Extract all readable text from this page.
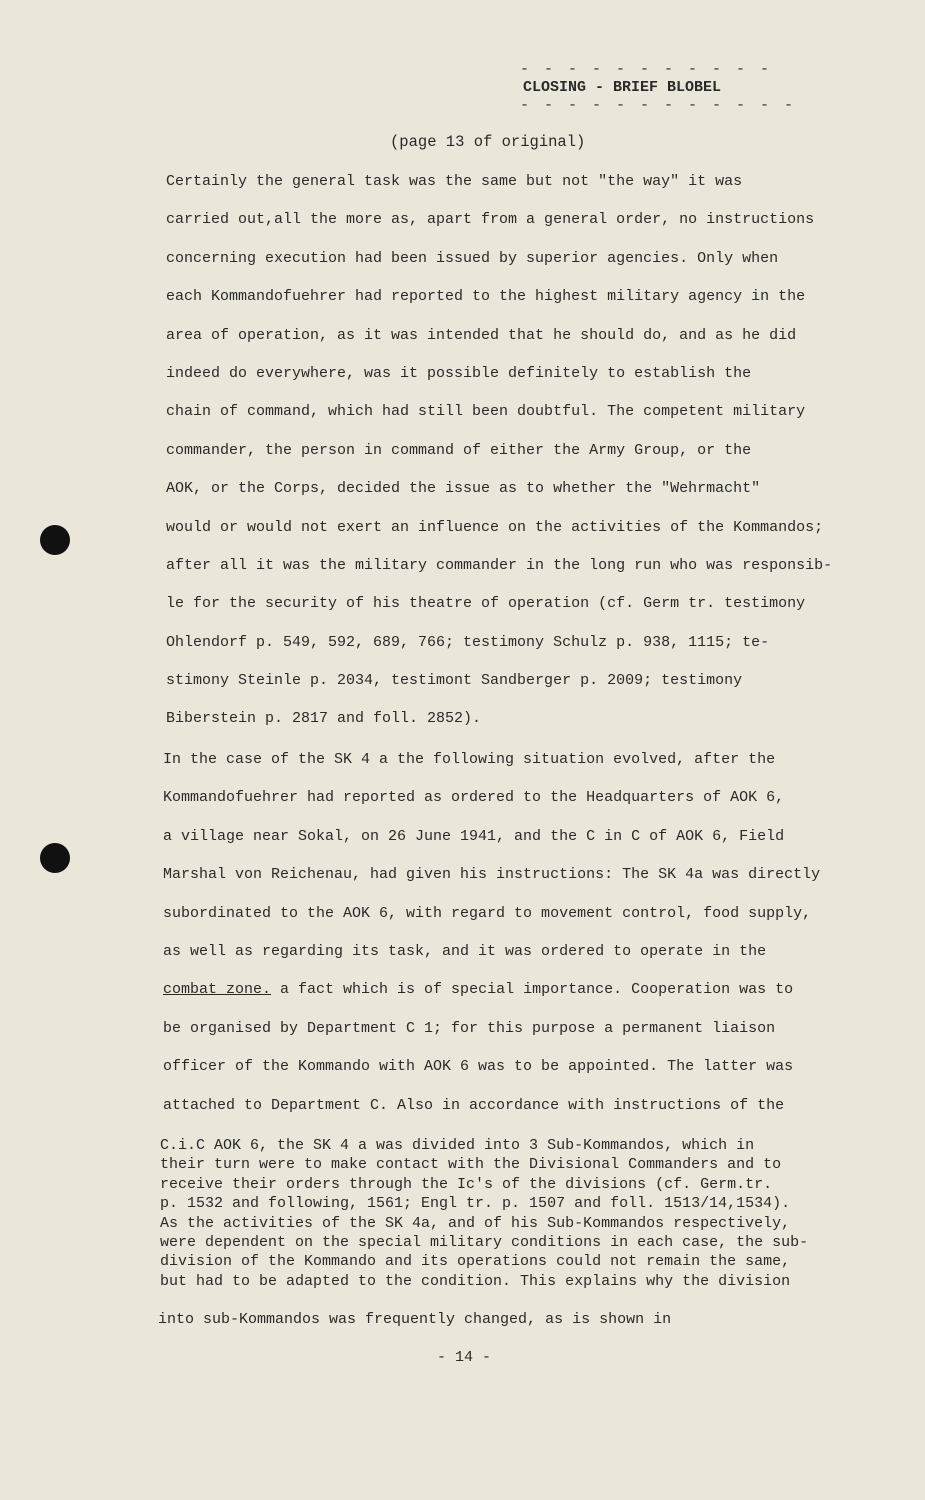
- - - - - - - - - - -
CLOSING - BRIEF BLOBEL
- - - - - - - - - - - -
(page 13 of original)
Certainly the general task was the same but not "the way" it was
carried out,all the more as, apart from a general order, no instructions
concerning execution had been issued by superior agencies. Only when
each Kommandofuehrer had reported to the highest military agency in the
area of operation, as it was intended that he should do, and as he did
indeed do everywhere, was it possible definitely to establish the
chain of command, which had still been doubtful. The competent military
commander, the person in command of either the Army Group, or the
AOK, or the Corps, decided the issue as to whether the "Wehrmacht"
would or would not exert an influence on the activities of the Kommandos;
after all it was the military commander in the long run who was responsib-
le for the security of his theatre of operation (cf. Germ tr. testimony
Ohlendorf p. 549, 592, 689, 766; testimony Schulz p. 938, 1115; te-
stimony Steinle p. 2034, testimont Sandberger p. 2009; testimony
Biberstein p. 2817 and foll. 2852).
In the case of the SK 4 a the following situation evolved, after the
Kommandofuehrer had reported as ordered to the Headquarters of AOK 6,
a village near Sokal, on 26 June 1941, and the C in C of AOK 6, Field
Marshal von Reichenau, had given his instructions: The SK 4a was directly
subordinated to the AOK 6, with regard to movement control, food supply,
as well as regarding its task, and it was ordered to operate in the
combat zone. a fact which is of special importance. Cooperation was to
be organised by Department C 1; for this purpose a permanent liaison
officer of the Kommando with AOK 6 was to be appointed. The latter was
attached to Department C. Also in accordance with instructions of the
C.i.C AOK 6, the SK 4 a was divided into 3 Sub-Kommandos, which in
their turn were to make contact with the Divisional Commanders and to
receive their orders through the Ic's of the divisions (cf. Germ.tr.
p. 1532 and following, 1561; Engl tr. p. 1507 and foll. 1513/14,1534).
As the activities of the SK 4a, and of his Sub-Kommandos respectively,
were dependent on the special military conditions in each case, the sub-
division of the Kommando and its operations could not remain the same,
but had to be adapted to the condition. This explains why the division
into sub-Kommandos was frequently changed, as is shown in
- 14 -
